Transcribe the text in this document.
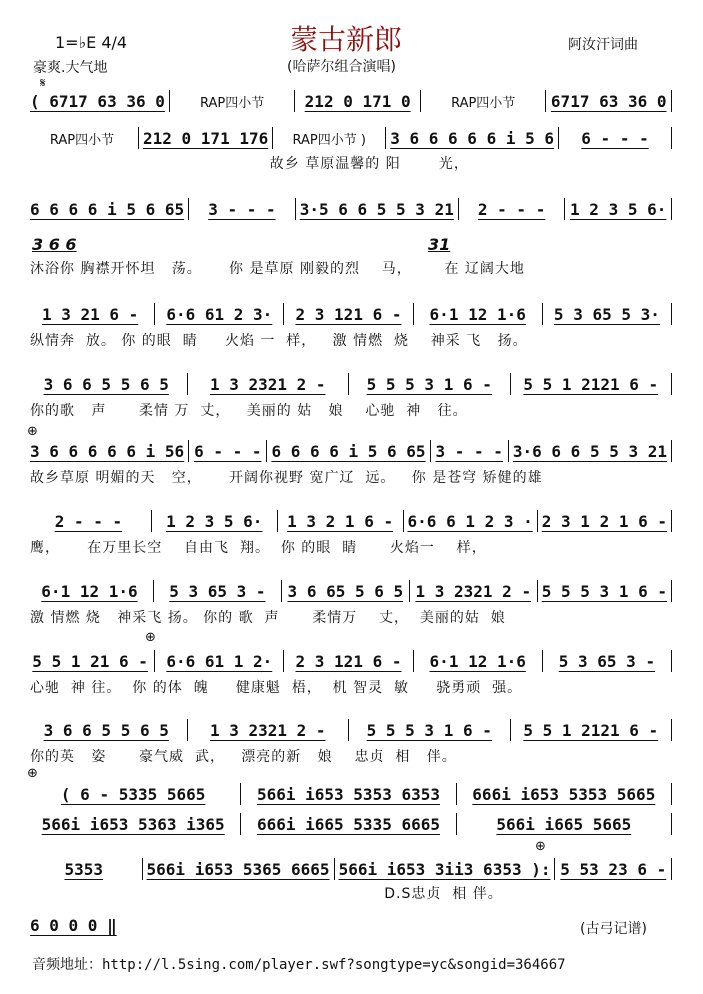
蒙古新郎
(哈萨尔组合演唱)
1=♭E 4/4
豪爽.大气地
阿汝汗词曲
𝄋
⊕
⊕
⊕
⊕
3 6 6	31
( 6717 63 36 0	RAP四小节	212 0 171 0	RAP四小节 6717 63 36 0
RAP四小节 212 0 171 176 RAP四小节 ) 3 6 6 6 6 6 i 5 6 6 - - -
故乡 草原温馨的 阳       光，
6 6 6 6 i 5 6 65 3 - - - 3·5 6 6 5 5 3 21 2 - - - 1 2 3 5 6·
沐浴你 胸襟开怀坦   荡。     你 是草原 刚毅的烈    马，      在 辽阔大地
1 3 21 6 - 6·6 61 2 3· 2 3 121 6 - 6·1 12 1·6 5 3 65 5 3·
纵情奔  放。 你 的眼  睛     火焰 一  样，   激 情燃  烧    神采 飞   扬。
3 6 6 5 5 6 5	1 3 2321 2 -	5 5 5 3 1 6 - 5 5 1 2121 6 -
你的歌   声      柔情 万  丈，   美丽的 姑   娘    心驰  神   往。
3 6 6 6 6 6 i 56 6 - - - 6 6 6 6 i 5 6 65 3 - - - 3·6 6 6 5 5 3 21
故乡草原 明媚的天   空，     开阔你视野 宽广辽  远。   你 是苍穹 矫健的雄
2 - - -	1 2 3 5 6· 1 3 2 1 6 - 6·6 6 1 2 3 · 2 3 1 2 1 6 -
鹰，     在万里长空    自由飞  翔。  你 的眼  睛      火焰一    样，
6·1 12 1·6 5 3 65 3 - 3 6 65 5 6 5 1 3 2321 2 - 5 5 5 3 1 6 -
激 情燃 烧   神采飞 扬。 你的 歌  声      柔情万    丈，  美丽的姑  娘
5 5 1 21 6 - 6·6 61 1 2· 2 3 121 6 - 6·1 12 1·6 5 3 65 3 -
心驰  神 往。  你 的体  魄     健康魁  梧，  机 智灵  敏     骁勇顽  强。
3 6 6 5 5 6 5	1 3 2321 2 -	5 5 5 3 1 6 - 5 5 1 2121 6 -
你的英   姿      豪气威  武，   漂亮的新   娘    忠贞  相   伴。
( 6 - 5335 5665	566i i653 5353 6353 666i i653 5353 5665
566i i653 5363 i365 666i i665 5335 6665	566i i665 5665
5353	566i i653 5365 6665 566i i653 3ii3 6353 ): 5 53 23 6 -
D.S忠贞  相 伴。
6 0 0 0 ‖	(古弓记谱)
音频地址：http://l.5sing.com/player.swf?songtype=yc&songid=364667
